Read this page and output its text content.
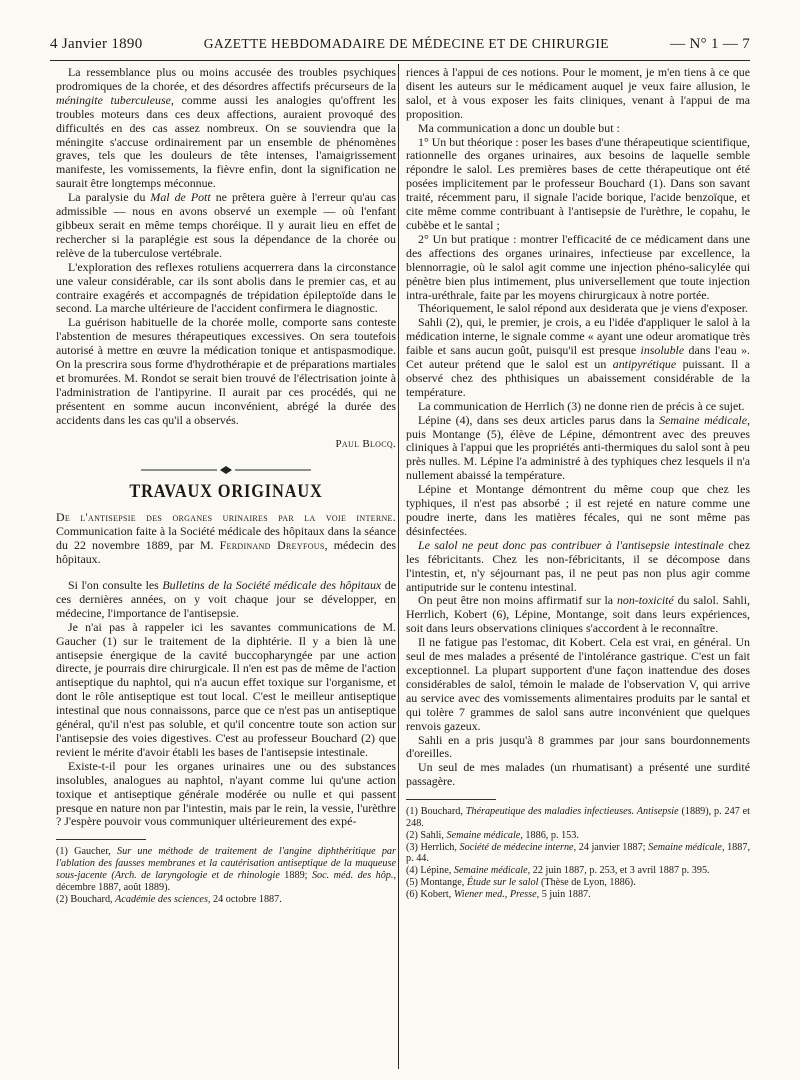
4 Janvier 1890	GAZETTE HEBDOMADAIRE DE MÉDECINE ET DE CHIRURGIE	— N° 1 — 7

La ressemblance plus ou moins accusée des troubles psychiques prodromiques de la chorée, et des désordres affectifs précurseurs de la méningite tuberculeuse, comme aussi les analogies qu'offrent les troubles moteurs dans ces deux affections, auraient provoqué des difficultés en des cas assez nombreux. On se souviendra que la méningite s'accuse ordinairement par un ensemble de phénomènes graves, tels que les douleurs de tête intenses, l'amaigrissement manifeste, les vomissements, la fièvre enfin, dont la signification ne saurait être longtemps méconnue.

La paralysie du Mal de Pott ne prêtera guère à l'erreur qu'au cas admissible — nous en avons observé un exemple — où l'enfant gibbeux serait en même temps choréique. Il y aurait lieu en effet de rechercher si la paraplégie est sous la dépendance de la chorée ou relève de la tuberculose vertébrale.

L'exploration des reflexes rotuliens acquerrera dans la circonstance une valeur considérable, car ils sont abolis dans le premier cas, et au contraire exagérés et accompagnés de trépidation épileptoïde dans le second. La marche ultérieure de l'accident confirmera le diagnostic.

La guérison habituelle de la chorée molle, comporte sans conteste l'abstention de mesures thérapeutiques excessives. On sera toutefois autorisé à mettre en œuvre la médication tonique et antispasmodique. On la prescrira sous forme d'hydrothérapie et de préparations martiales et bromurées. M. Rondot se serait bien trouvé de l'électrisation jointe à l'administration de l'antipyrine. Il aurait par ces procédés, qui ne présentent en somme aucun inconvénient, abrégé la durée des accidents dans les cas qu'il a observés.

Paul Blocq.
TRAVAUX ORIGINAUX

De l'antisepsie des organes urinaires par la voie interne. Communication faite à la Société médicale des hôpitaux dans la séance du 22 novembre 1889, par M. Ferdinand Dreyfous, médecin des hôpitaux.

Si l'on consulte les Bulletins de la Société médicale des hôpitaux de ces dernières années, on y voit chaque jour se développer, en médecine, l'importance de l'antisepsie.

Je n'ai pas à rappeler ici les savantes communications de M. Gaucher (1) sur le traitement de la diphtérie. Il y a bien là une antisepsie énergique de la cavité buccopharyngée par une action directe, je pourrais dire chirurgicale. Il n'en est pas de même de l'action antiseptique du naphtol, qui n'a aucun effet toxique sur l'organisme, et dont le rôle antiseptique est tout local. C'est le meilleur antiseptique intestinal que nous connaissons, parce que ce n'est pas un antiseptique général, qu'il n'est pas soluble, et qu'il concentre toute son action sur l'antisepsie des voies digestives. C'est au professeur Bouchard (2) que revient le mérite d'avoir établi les bases de l'antisepsie intestinale.

Existe-t-il pour les organes urinaires une ou des substances insolubles, analogues au naphtol, n'ayant comme lui qu'une action toxique et antiseptique générale modérée ou nulle et qui passent presque en nature non par l'intestin, mais par le rein, la vessie, l'urèthre ? J'espère pouvoir vous communiquer ultérieurement des expé-

(1) Gaucher, Sur une méthode de traitement de l'angine diphthéritique par l'ablation des fausses membranes et la cautérisation antiseptique de la muqueuse sous-jacente (Arch. de laryngologie et de rhinologie 1889; Soc. méd. des hôp., décembre 1887, août 1889).

(2) Bouchard, Académie des sciences, 24 octobre 1887.

riences à l'appui de ces notions. Pour le moment, je m'en tiens à ce que disent les auteurs sur le médicament auquel je veux faire allusion, le salol, et à vous exposer les faits cliniques, venant à l'appui de ma proposition.

Ma communication a donc un double but :

1° Un but théorique : poser les bases d'une thérapeutique scientifique, rationnelle des organes urinaires, aux besoins de laquelle semble répondre le salol. Les premières bases de cette thérapeutique ont été posées implicitement par le professeur Bouchard (1). Dans son savant traité, récemment paru, il signale l'acide borique, l'acide benzoïque, et cite même comme contribuant à l'antisepsie de l'urèthre, le copahu, le cubèbe et le santal ;

2° Un but pratique : montrer l'efficacité de ce médicament dans une des affections des organes urinaires, infectieuse par excellence, la blennorragie, où le salol agit comme une injection phéno-salicylée qui pénètre bien plus intimement, plus universellement que toute injection intra-uréthrale, faite par les moyens chirurgicaux à notre portée.

Théoriquement, le salol répond aux desiderata que je viens d'exposer.

Sahli (2), qui, le premier, je crois, a eu l'idée d'appliquer le salol à la médication interne, le signale comme « ayant une odeur aromatique très faible et sans aucun goût, puisqu'il est presque insoluble dans l'eau ». Cet auteur prétend que le salol est un antipyrétique puissant. Il a observé chez des phthisiques un abaissement considérable de la température.

La communication de Herrlich (3) ne donne rien de précis à ce sujet.

Lépine (4), dans ses deux articles parus dans la Semaine médicale, puis Montange (5), élève de Lépine, démontrent avec des preuves cliniques à l'appui que les propriétés anti-thermiques du salol sont à peu près nulles. M. Lépine l'a administré à des typhiques chez lesquels il n'a nullement abaissé la température.

Lépine et Montange démontrent du même coup que chez les typhiques, il n'est pas absorbé ; il est rejeté en nature comme une poudre inerte, dans les matières fécales, qui ne sont même pas désinfectées.

Le salol ne peut donc pas contribuer à l'antisepsie intestinale chez les fébricitants. Chez les non-fébricitants, il se décompose dans l'intestin, et, n'y séjournant pas, il ne peut pas non plus agir comme antiputride sur le contenu intestinal.

On peut être non moins affirmatif sur la non-toxicité du salol. Sahli, Herrlich, Kobert (6), Lépine, Montange, soit dans leurs expériences, soit dans leurs observations cliniques s'accordent à le reconnaître.

Il ne fatigue pas l'estomac, dit Kobert. Cela est vrai, en général. Un seul de mes malades a présenté de l'intolérance gastrique. C'est un fait exceptionnel. La plupart supportent d'une façon inattendue des doses considérables de salol, témoin le malade de l'observation V, qui arrive au service avec des vomissements alimentaires produits par le santal et qui tolère 7 grammes de salol sans autre inconvénient que quelques renvois gazeux.

Sahli en a pris jusqu'à 8 grammes par jour sans bourdonnements d'oreilles.

Un seul de mes malades (un rhumatisant) a présenté une surdité passagère.

(1) Bouchard, Thérapeutique des maladies infectieuses. Antisepsie (1889), p. 247 et 248.

(2) Sahli, Semaine médicale, 1886, p. 153.

(3) Herrlich, Société de médecine interne, 24 janvier 1887; Semaine médicale, 1887, p. 44.

(4) Lépine, Semaine médicale, 22 juin 1887, p. 253, et 3 avril 1887 p. 395.

(5) Montange, Étude sur le salol (Thèse de Lyon, 1886).

(6) Kobert, Wiener med., Presse, 5 juin 1887.
